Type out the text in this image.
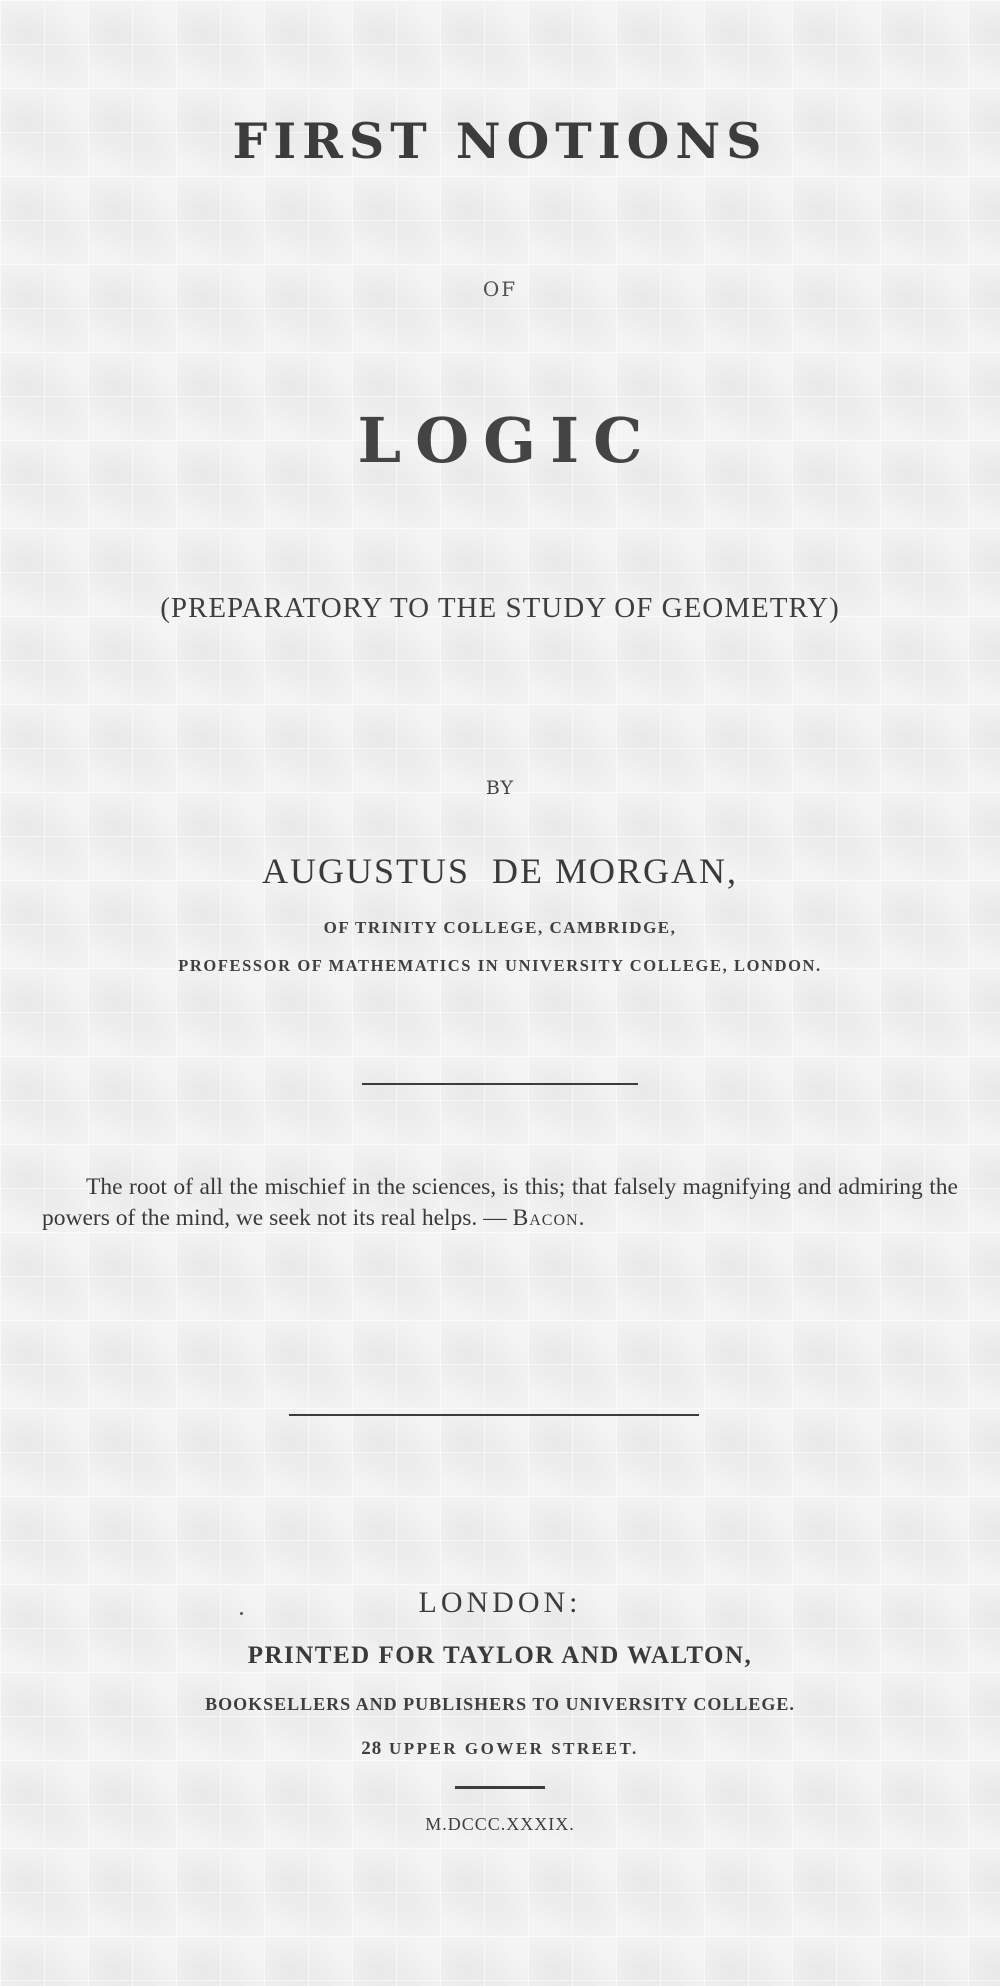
FIRST NOTIONS
OF
LOGIC
(PREPARATORY TO THE STUDY OF GEOMETRY)
BY
AUGUSTUS  DE MORGAN,
OF TRINITY COLLEGE, CAMBRIDGE,
PROFESSOR OF MATHEMATICS IN UNIVERSITY COLLEGE, LONDON.
The root of all the mischief in the sciences, is this; that falsely magnifying and admiring the powers of the mind, we seek not its real helps. — Bacon.
LONDON:
PRINTED FOR TAYLOR AND WALTON,
BOOKSELLERS AND PUBLISHERS TO UNIVERSITY COLLEGE.
28 UPPER GOWER STREET.
M.DCCC.XXXIX.
